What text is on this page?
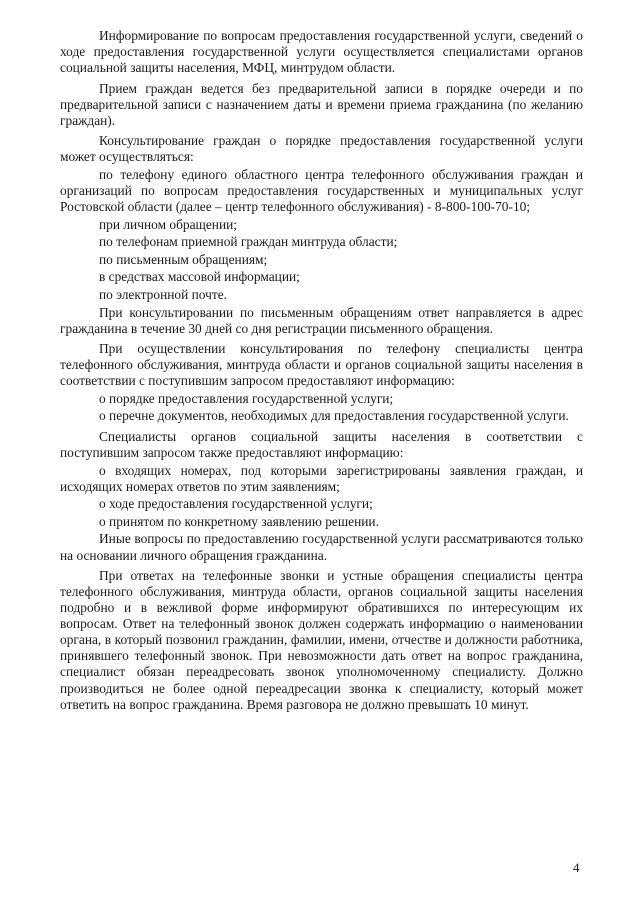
Информирование по вопросам предоставления государственной услуги, сведений о ходе предоставления государственной услуги осуществляется специалистами органов социальной защиты населения, МФЦ, минтрудом области.

Прием граждан ведется без предварительной записи в порядке очереди и по предварительной записи с назначением даты и времени приема гражданина (по желанию граждан).

Консультирование граждан о порядке предоставления государственной услуги может осуществляться:

по телефону единого областного центра телефонного обслуживания граждан и организаций по вопросам предоставления государственных и муниципальных услуг Ростовской области (далее – центр телефонного обслуживания) - 8-800-100-70-10;

при личном обращении;

по телефонам приемной граждан минтруда области;

по письменным обращениям;

в средствах массовой информации;

по электронной почте.

При консультировании по письменным обращениям ответ направляется в адрес гражданина в течение 30 дней со дня регистрации письменного обращения.

При осуществлении консультирования по телефону специалисты центра телефонного обслуживания, минтруда области и органов социальной защиты населения в соответствии с поступившим запросом предоставляют информацию:

о порядке предоставления государственной услуги;

о перечне документов, необходимых для предоставления государственной услуги.

Специалисты органов социальной защиты населения в соответствии с поступившим запросом также предоставляют информацию:

о входящих номерах, под которыми зарегистрированы заявления граждан, и исходящих номерах ответов по этим заявлениям;

о ходе предоставления государственной услуги;

о принятом по конкретному заявлению решении.

Иные вопросы по предоставлению государственной услуги рассматриваются только на основании личного обращения гражданина.

При ответах на телефонные звонки и устные обращения специалисты центра телефонного обслуживания, минтруда области, органов социальной защиты населения подробно и в вежливой форме информируют обратившихся по интересующим их вопросам. Ответ на телефонный звонок должен содержать информацию о наименовании органа, в который позвонил гражданин, фамилии, имени, отчестве и должности работника, принявшего телефонный звонок. При невозможности дать ответ на вопрос гражданина, специалист обязан переадресовать звонок уполномоченному специалисту. Должно производиться не более одной переадресации звонка к специалисту, который может ответить на вопрос гражданина. Время разговора не должно превышать 10 минут.

4
